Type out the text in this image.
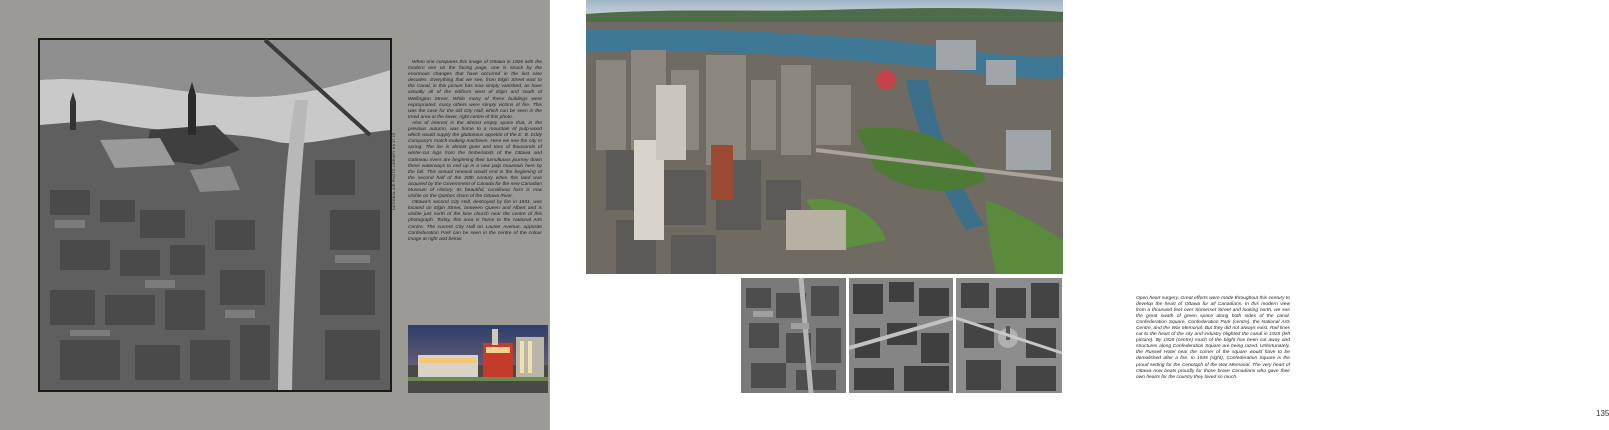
When one compares this image of Ottawa in 1926 with the modern one on the facing page, one is struck by the enormous changes that have occurred in the last nine decades. Everything that we see, from Elgin Street east to the Canal, in this picture has now simply vanished, as have virtually all of the edifices west of Elgin and south of Wellington Street. While many of these buildings were expropriated, many others were simply victims of fire. This was the case for the old City Hall, which can be seen in the treed area at the lower, right centre of this photo.

Also of interest is the almost empty space that, in the previous autumn, was home to a mountain of pulp-wood which would supply the gluttonous appetite of the E. B. Eddy Company's match-making machines. Here we see the city in spring. The ice is almost gone and tens of thousands of winter-cut logs from the timberlands of the Ottawa and Gatineau rivers are beginning their tumultuous journey down these waterways to end up in a new pulp mountain here by the fall. This annual renewal would end in the beginning of the second half of the 20th century when this land was acquired by the Government of Canada for the new Canadian Museum of History. Its beautiful, curvilinear form is now visible on the Quebec shore of the Ottawa River.

Ottawa's second City Hall, destroyed by fire in 1931, was located on Elgin Street, between Queen and Albert and is visible just north of the lone church near the centre of this photograph. Today, this area is home to the National Arts Centre. The current City Hall on Laurier Avenue, opposite Confederation Park can be seen in the centre of the colour image at right and below.

NATIONAL AIR PHOTO LIBRARY HA 17-15
Open heart surgery. Great efforts were made throughout this century to develop the heart of Ottawa for all Canadians. In this modern view from a thousand feet over Somerset Street and looking north, we see the great swath of green space along both sides of the canal, Confederation Square, Confederation Park (centre), the National Arts Centre, and the War Memorial. But they did not always exist. Rail lines cut to the heart of the city and industry blighted the canal in 1925 (left picture). By 1928 (centre) much of the blight has been cut away and structures along Confederation Square are being razed. Unfortunately, the Russell Hotel near the corner of the square would have to be demolished after a fire. In 1945 (right), Confederation Square is the proud setting for the Cenotaph of the War Memorial. The very heart of Ottawa now beats proudly for those brave Canadians who gave their own hearts for the country they loved so much.
135
